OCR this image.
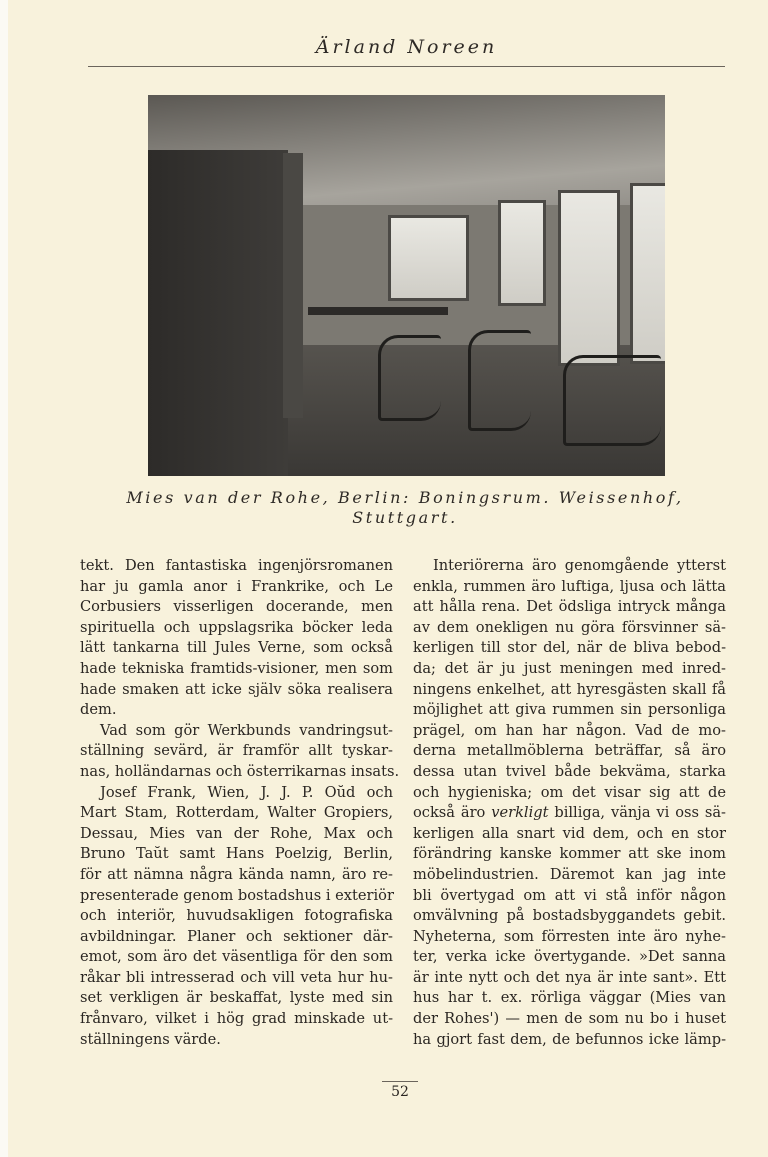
Ärland Noreen
Mies van der Rohe, Berlin: Boningsrum. Weissenhof,
Stuttgart.
tekt. Den fantastiska ingenjörsromanen
har ju gamla anor i Frankrike, och Le
Corbusiers visserligen docerande, men
spirituella och uppslagsrika böcker leda
lätt tankarna till Jules Verne, som också
hade tekniska framtids-visioner, men som
hade smaken att icke själv söka realisera
dem.
Vad som gör Werkbunds vandringsut-
ställning sevärd, är framför allt tyskar-
nas, holländarnas och österrikarnas insats.
Josef Frank, Wien, J. J. P. Oŭd och
Mart Stam, Rotterdam, Walter Gropiers,
Dessau, Mies van der Rohe, Max och
Bruno Taŭt samt Hans Poelzig, Berlin,
för att nämna några kända namn, äro re-
presenterade genom bostadshus i exteriör
och interiör, huvudsakligen fotografiska
avbildningar. Planer och sektioner där-
emot, som äro det väsentliga för den som
råkar bli intresserad och vill veta hur hu-
set verkligen är beskaffat, lyste med sin
frånvaro, vilket i hög grad minskade ut-
ställningens värde.
Interiörerna äro genomgående ytterst
enkla, rummen äro luftiga, ljusa och lätta
att hålla rena. Det ödsliga intryck många
av dem onekligen nu göra försvinner sä-
kerligen till stor del, när de bliva bebod-
da; det är ju just meningen med inred-
ningens enkelhet, att hyresgästen skall få
möjlighet att giva rummen sin personliga
prägel, om han har någon. Vad de mo-
derna metallmöblerna beträffar, så äro
dessa utan tvivel både bekväma, starka
och hygieniska; om det visar sig att de
också äro verkligt billiga, vänja vi oss sä-
kerligen alla snart vid dem, och en stor
förändring kanske kommer att ske inom
möbelindustrien. Däremot kan jag inte
bli övertygad om att vi stå inför någon
omvälvning på bostadsbyggandets gebit.
Nyheterna, som förresten inte äro nyhe-
ter, verka icke övertygande. »Det sanna
är inte nytt och det nya är inte sant». Ett
hus har t. ex. rörliga väggar (Mies van
der Rohes') — men de som nu bo i huset
ha gjort fast dem, de befunnos icke lämp-
52
